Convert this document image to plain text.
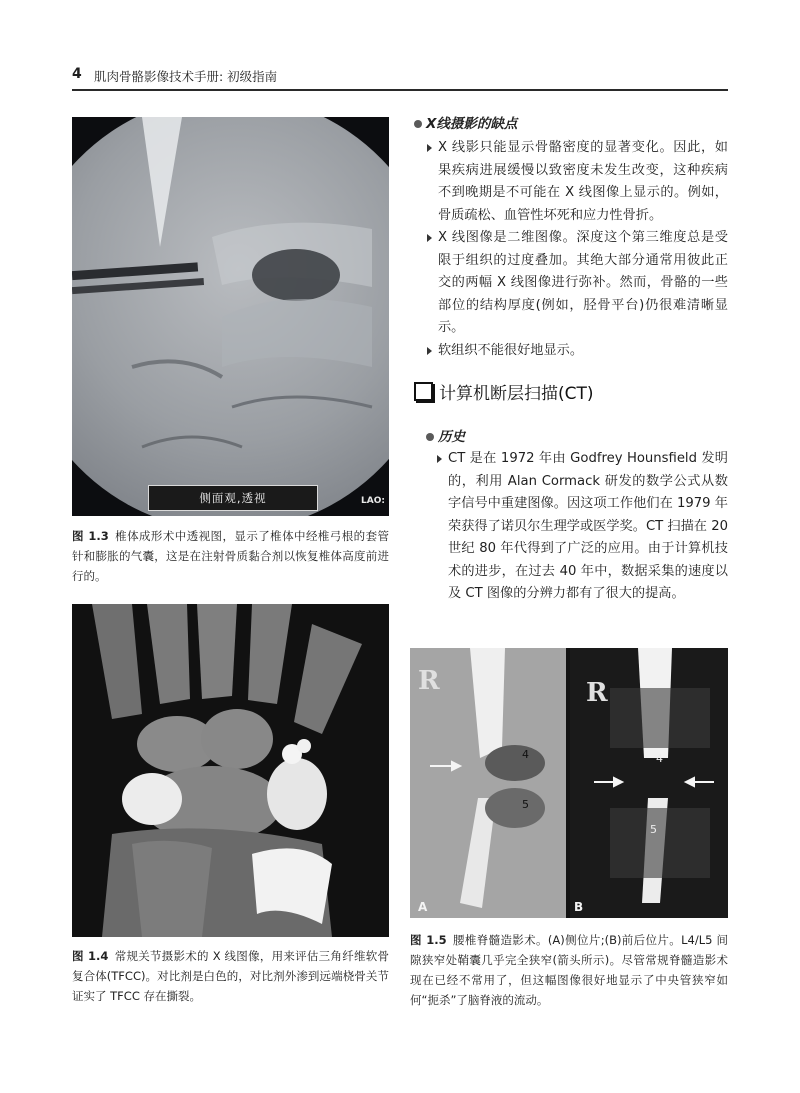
4 肌肉骨骼影像技术手册: 初级指南
侧面观,透视	LAO:
图 1.3 椎体成形术中透视图，显示了椎体中经椎弓根的套管针和膨胀的气囊，这是在注射骨质黏合剂以恢复椎体高度前进行的。
图 1.4 常规关节摄影术的 X 线图像，用来评估三角纤维软骨复合体(TFCC)。对比剂是白色的，对比剂外渗到远端桡骨关节证实了 TFCC 存在撕裂。
R	R
4
5
4
5
A	B
图 1.5 腰椎脊髓造影术。(A)侧位片;(B)前后位片。L4/L5 间隙狭窄处鞘囊几乎完全狭窄(箭头所示)。尽管常规脊髓造影术现在已经不常用了，但这幅图像很好地显示了中央管狭窄如何“扼杀”了脑脊液的流动。
X线摄影的缺点
X 线影只能显示骨骼密度的显著变化。因此，如果疾病进展缓慢以致密度未发生改变，这种疾病不到晚期是不可能在 X 线图像上显示的。例如，骨质疏松、血管性坏死和应力性骨折。
X 线图像是二维图像。深度这个第三维度总是受限于组织的过度叠加。其绝大部分通常用彼此正交的两幅 X 线图像进行弥补。然而，骨骼的一些部位的结构厚度(例如，胫骨平台)仍很难清晰显示。
软组织不能很好地显示。
计算机断层扫描(CT)
历史
CT 是在 1972 年由 Godfrey Hounsfield 发明的，利用 Alan Cormack 研发的数学公式从数字信号中重建图像。因这项工作他们在 1979 年荣获得了诺贝尔生理学或医学奖。CT 扫描在 20 世纪 80 年代得到了广泛的应用。由于计算机技术的进步，在过去 40 年中，数据采集的速度以及 CT 图像的分辨力都有了很大的提高。
